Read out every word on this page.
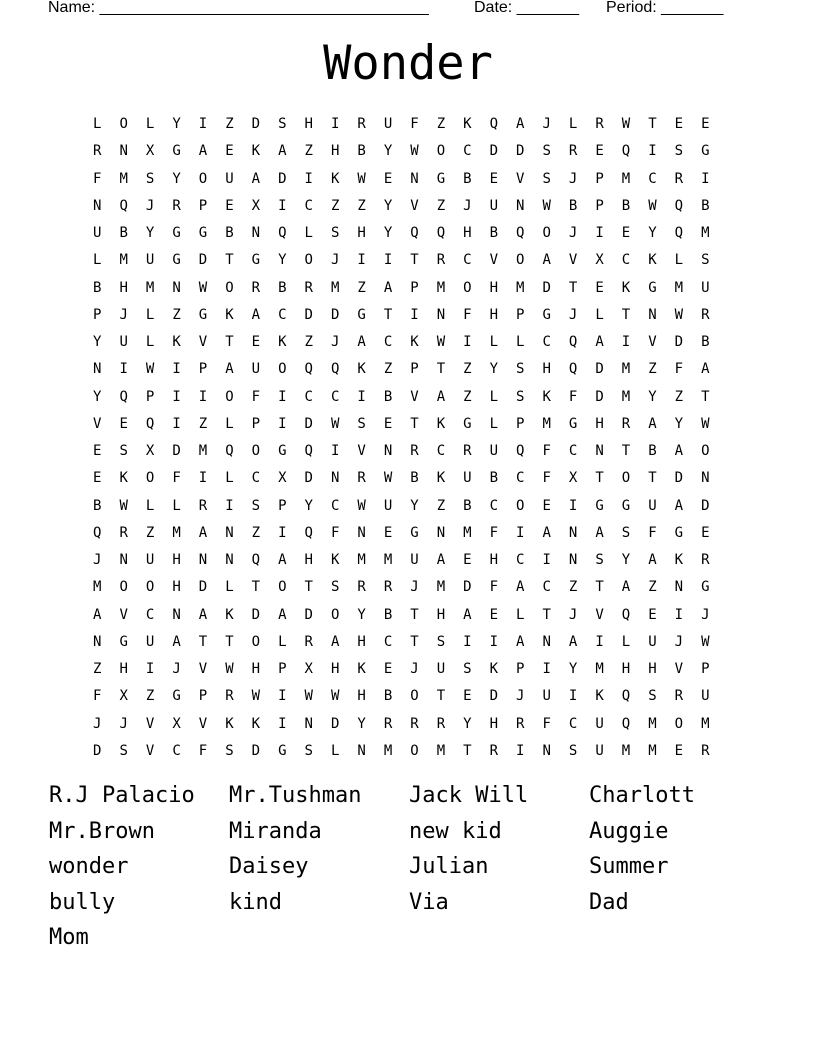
Name: _____________________________________	Date: _______ Period: _______
Wonder
L	O	L	Y	I	Z	D	S	H	I	R	U	F	Z	K	Q	A	J	L	R	W	T	E	E
R	N	X	G	A	E	K	A	Z	H	B	Y	W	O	C	D	D	S	R	E	Q	I	S	G
F	M	S	Y	O	U	A	D	I	K	W	E	N	G	B	E	V	S	J	P	M	C	R	I
N	Q	J	R	P	E	X	I	C	Z	Z	Y	V	Z	J	U	N	W	B	P	B	W	Q	B
U	B	Y	G	G	B	N	Q	L	S	H	Y	Q	Q	H	B	Q	O	J	I	E	Y	Q	M
L	M	U	G	D	T	G	Y	O	J	I	I	T	R	C	V	O	A	V	X	C	K	L	S
B	H	M	N	W	O	R	B	R	M	Z	A	P	M	O	H	M	D	T	E	K	G	M	U
P	J	L	Z	G	K	A	C	D	D	G	T	I	N	F	H	P	G	J	L	T	N	W	R
Y	U	L	K	V	T	E	K	Z	J	A	C	K	W	I	L	L	C	Q	A	I	V	D	B
N	I	W	I	P	A	U	O	Q	Q	K	Z	P	T	Z	Y	S	H	Q	D	M	Z	F	A
Y	Q	P	I	I	O	F	I	C	C	I	B	V	A	Z	L	S	K	F	D	M	Y	Z	T
V	E	Q	I	Z	L	P	I	D	W	S	E	T	K	G	L	P	M	G	H	R	A	Y	W
E	S	X	D	M	Q	O	G	Q	I	V	N	R	C	R	U	Q	F	C	N	T	B	A	O
E	K	O	F	I	L	C	X	D	N	R	W	B	K	U	B	C	F	X	T	O	T	D	N
B	W	L	L	R	I	S	P	Y	C	W	U	Y	Z	B	C	O	E	I	G	G	U	A	D
Q	R	Z	M	A	N	Z	I	Q	F	N	E	G	N	M	F	I	A	N	A	S	F	G	E
J	N	U	H	N	N	Q	A	H	K	M	M	U	A	E	H	C	I	N	S	Y	A	K	R
M	O	O	H	D	L	T	O	T	S	R	R	J	M	D	F	A	C	Z	T	A	Z	N	G
A	V	C	N	A	K	D	A	D	O	Y	B	T	H	A	E	L	T	J	V	Q	E	I	J
N	G	U	A	T	T	O	L	R	A	H	C	T	S	I	I	A	N	A	I	L	U	J	W
Z	H	I	J	V	W	H	P	X	H	K	E	J	U	S	K	P	I	Y	M	H	H	V	P
F	X	Z	G	P	R	W	I	W	W	H	B	O	T	E	D	J	U	I	K	Q	S	R	U
J	J	V	X	V	K	K	I	N	D	Y	R	R	R	Y	H	R	F	C	U	Q	M	O	M
D	S	V	C	F	S	D	G	S	L	N	M	O	M	T	R	I	N	S	U	M	M	E	R
R.J Palacio	Mr.Tushman	Jack Will	Charlott
Mr.Brown	Miranda	new kid	Auggie
wonder	Daisey	Julian	Summer
bully	kind	Via	Dad
Mom
